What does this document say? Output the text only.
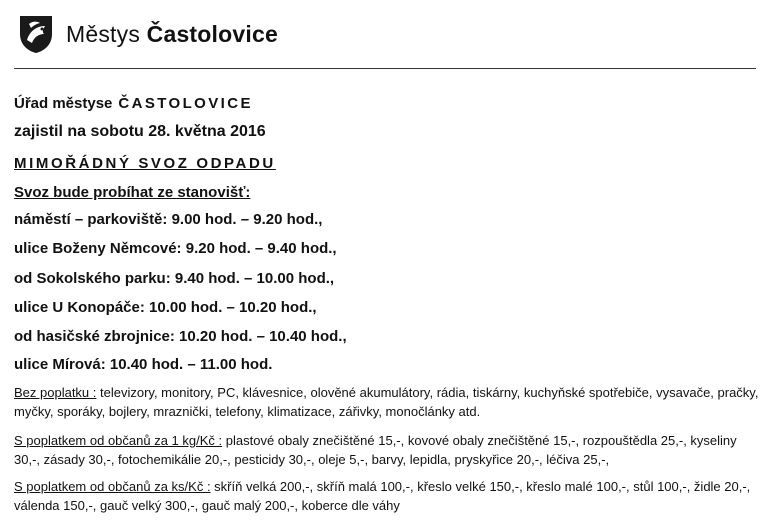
Městys Častolovice
Úřad městyse ČASTOLOVICE
zajistil na sobotu 28. května 2016
MIMOŘÁDNÝ SVOZ ODPADU
Svoz bude probíhat ze stanovišť:
náměstí – parkoviště: 9.00 hod. – 9.20 hod.,
ulice Boženy Němcové: 9.20 hod. – 9.40 hod.,
od Sokolského parku: 9.40 hod. – 10.00 hod.,
ulice U Konopáče: 10.00 hod. – 10.20 hod.,
od hasičské zbrojnice: 10.20 hod. – 10.40 hod.,
ulice Mírová: 10.40 hod. – 11.00 hod.
Bez poplatku : televizory, monitory, PC, klávesnice, olověné akumulátory, rádia, tiskárny, kuchyňské spotřebiče, vysavače, pračky, myčky, sporáky, bojlery, mraznički, telefony, klimatizace, zářivky, monočlánky atd.
S poplatkem od občanů za 1 kg/Kč : plastové obaly znečištěné 15,-, kovové obaly znečištěné 15,-, rozpouštědla 25,-, kyseliny 30,-, zásady 30,-, fotochemikálie 20,-, pesticidy 30,-, oleje 5,-, barvy, lepidla, pryskyřice 20,-, léčiva 25,-,
S poplatkem od občanů za ks/Kč : skříň velká 200,-, skříň malá 100,-, křeslo velké 150,-, křeslo malé 100,-, stůl 100,-, židle 20,-, válenda 150,-, gauč velký 300,-, gauč malý 200,-, koberce dle váhy
